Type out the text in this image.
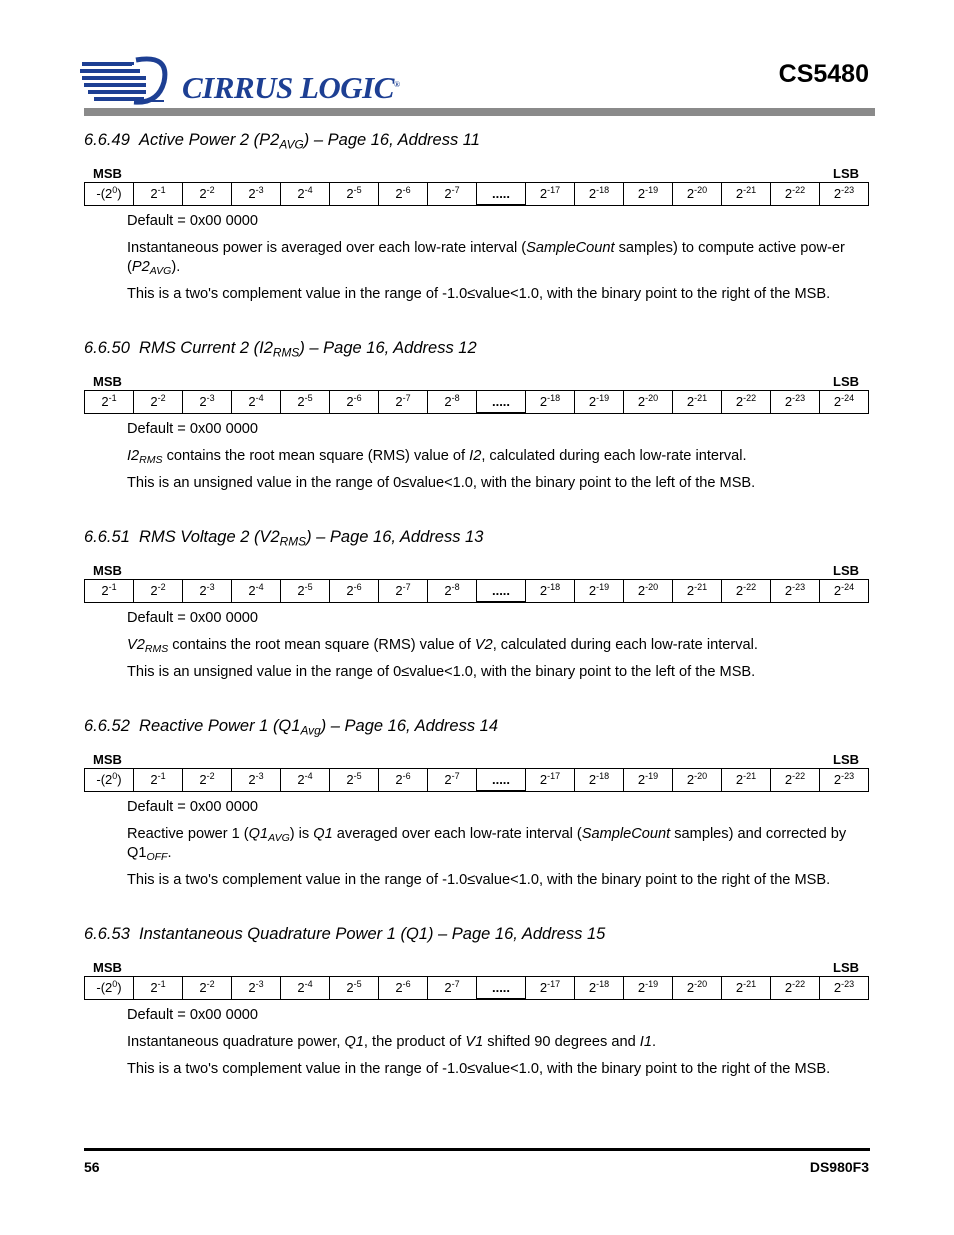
CIRRUS LOGIC®	CS5480
6.6.49 Active Power 2 $(P2_{AVG})$ – Page 16, Address 11
MSB	LSB
$-(2^0)$	$2^{-1}$	$2^{-2}$	$2^{-3}$	$2^{-4}$	$2^{-5}$	$2^{-6}$	$2^{-7}$	.....	$2^{-17}$	$2^{-18}$	$2^{-19}$	$2^{-20}$	$2^{-21}$	$2^{-22}$	$2^{-23}$

Default = 0x00 0000

Instantaneous power is averaged over each low-rate interval (SampleCount samples) to compute active pow-er $(P2_{AVG})$.

This is a two's complement value in the range of -1.0≤value<1.0, with the binary point to the right of the MSB.

6.6.50 RMS Current 2 $(I2_{RMS})$ – Page 16, Address 12
MSB	LSB
$2^{-1}$	$2^{-2}$	$2^{-3}$	$2^{-4}$	$2^{-5}$	$2^{-6}$	$2^{-7}$	$2^{-8}$	.....	$2^{-18}$	$2^{-19}$	$2^{-20}$	$2^{-21}$	$2^{-22}$	$2^{-23}$	$2^{-24}$

Default = 0x00 0000

$I2_{RMS}$ contains the root mean square (RMS) value of I2, calculated during each low-rate interval.

This is an unsigned value in the range of 0≤value<1.0, with the binary point to the left of the MSB.

6.6.51 RMS Voltage 2 $(V2_{RMS})$ – Page 16, Address 13
MSB	LSB
$2^{-1}$	$2^{-2}$	$2^{-3}$	$2^{-4}$	$2^{-5}$	$2^{-6}$	$2^{-7}$	$2^{-8}$	.....	$2^{-18}$	$2^{-19}$	$2^{-20}$	$2^{-21}$	$2^{-22}$	$2^{-23}$	$2^{-24}$

Default = 0x00 0000

$V2_{RMS}$ contains the root mean square (RMS) value of V2, calculated during each low-rate interval.

This is an unsigned value in the range of 0≤value<1.0, with the binary point to the left of the MSB.

6.6.52 Reactive Power 1 $(Q1_{Avg})$ – Page 16, Address 14
MSB	LSB
$-(2^0)$	$2^{-1}$	$2^{-2}$	$2^{-3}$	$2^{-4}$	$2^{-5}$	$2^{-6}$	$2^{-7}$	.....	$2^{-17}$	$2^{-18}$	$2^{-19}$	$2^{-20}$	$2^{-21}$	$2^{-22}$	$2^{-23}$

Default = 0x00 0000

Reactive power 1 $(Q1_{AVG})$ is Q1 averaged over each low-rate interval (SampleCount samples) and corrected by $Q1_{OFF}$.

This is a two's complement value in the range of -1.0≤value<1.0, with the binary point to the right of the MSB.

6.6.53 Instantaneous Quadrature Power 1 (Q1) – Page 16, Address 15
MSB	LSB
$-(2^0)$	$2^{-1}$	$2^{-2}$	$2^{-3}$	$2^{-4}$	$2^{-5}$	$2^{-6}$	$2^{-7}$	.....	$2^{-17}$	$2^{-18}$	$2^{-19}$	$2^{-20}$	$2^{-21}$	$2^{-22}$	$2^{-23}$

Default = 0x00 0000

Instantaneous quadrature power, Q1, the product of V1 shifted 90 degrees and I1.

This is a two's complement value in the range of -1.0≤value<1.0, with the binary point to the right of the MSB.

56	DS980F3
